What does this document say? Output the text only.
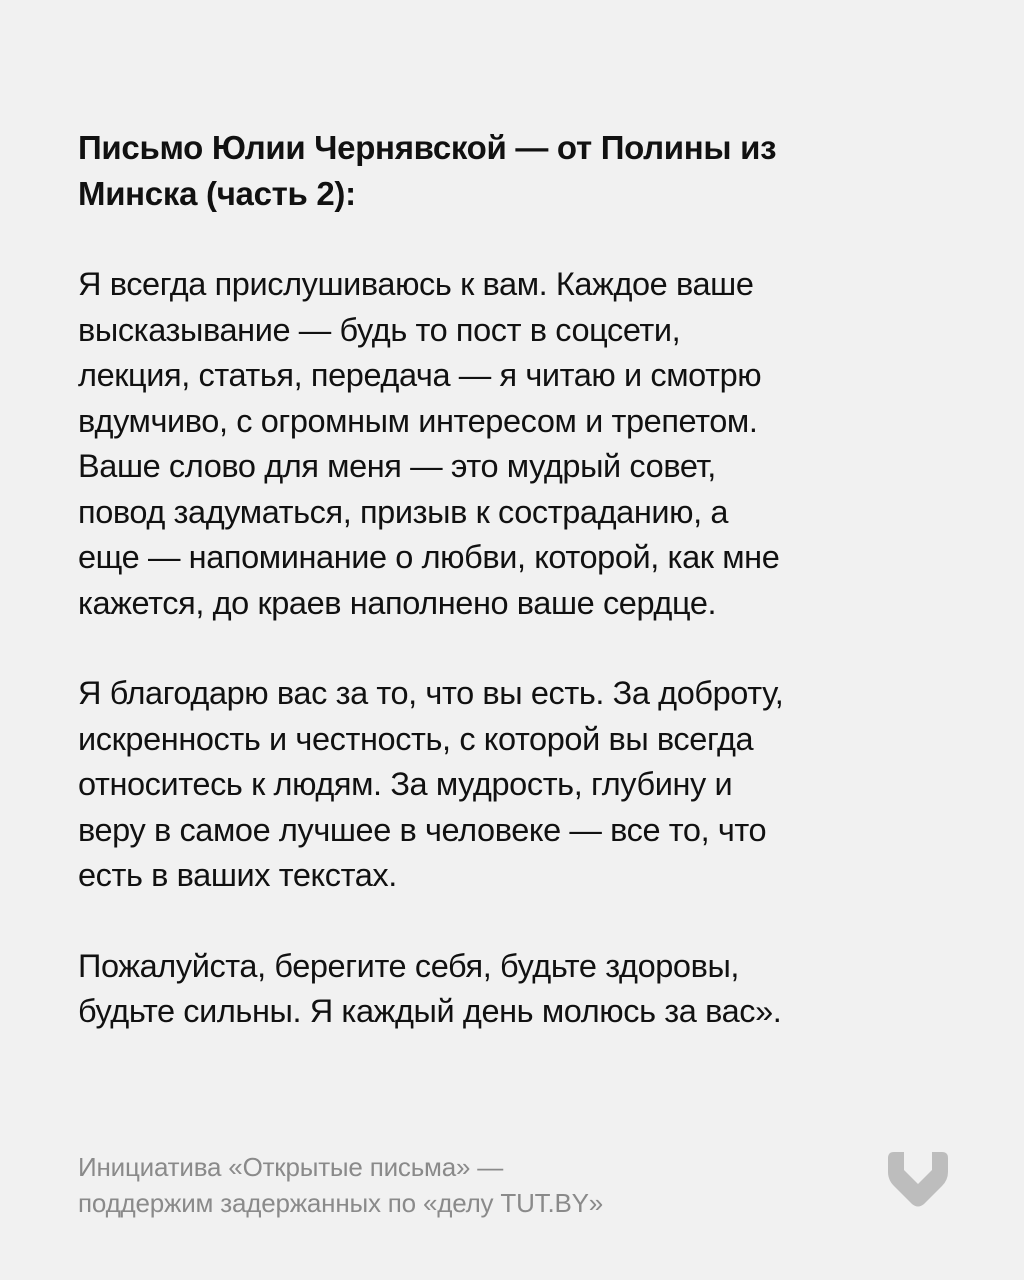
Письмо Юлии Чернявской — от Полины из
Минска (часть 2):

Я всегда прислушиваюсь к вам. Каждое ваше
высказывание — будь то пост в соцсети,
лекция, статья, передача — я читаю и смотрю
вдумчиво, с огромным интересом и трепетом.
Ваше слово для меня — это мудрый совет,
повод задуматься, призыв к состраданию, а
еще — напоминание о любви, которой, как мне
кажется, до краев наполнено ваше сердце.

Я благодарю вас за то, что вы есть. За доброту,
искренность и честность, с которой вы всегда
относитесь к людям. За мудрость, глубину и
веру в самое лучшее в человеке — все то, что
есть в ваших текстах.

Пожалуйста, берегите себя, будьте здоровы,
будьте сильны. Я каждый день молюсь за вас».

Инициатива «Открытые письма» —

поддержим задержанных по «делу TUT.BY»
